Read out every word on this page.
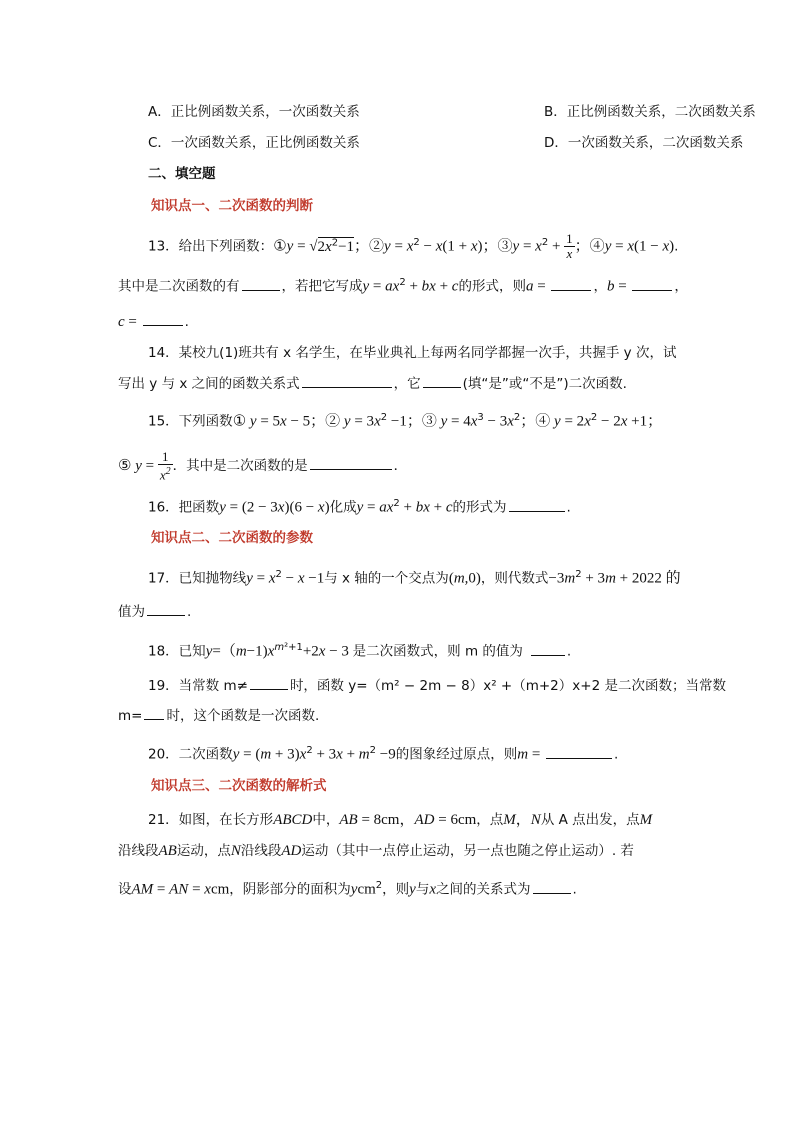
A．正比例函数关系，一次函数关系	B．正比例函数关系，二次函数关系
C．一次函数关系，正比例函数关系	D．一次函数关系，二次函数关系
二、填空题
知识点一、二次函数的判断
13．给出下列函数：①y = $√2x^2-1$；②y = $x^2 - x(1 + x)$；③y = $x^2 + \frac{1}{x}$ ；④y = x(1 − x).
其中是二次函数的有	，若把它写成$y = ax^2$ + bx + c的形式，则a =	，b =	，
c =	.
14．某校九(1)班共有 x 名学生，在毕业典礼上每两名同学都握一次手，共握手 y 次，试
写出 y 与 x 之间的函数关系式	，它	(填“是”或“不是”)二次函数.
15．下列函数① y = 5x − 5；② $y = 3x^2 -1$；③ $y = 4x^3 - 3x^2$；④ $y = 2x^2 - 2x +1$；
⑤ $y = \frac{1}{x^2}$ ．其中是二次函数的是	．
16．把函数y = (2 − 3x)(6 − x)化成$y = ax^2$ + bx + c的形式为	.
知识点二、二次函数的参数
17．已知抛物线$y = x^2 - x -1$与 x 轴的一个交点为(m,0)，则代数式$-3m^2 + 3m + 2022$ 的
值为	.
18．已知$y=(m-1)x^{m^2+1}+2x - 3$ 是二次函数式，则 m 的值为	.
19．当常数 m≠	时，函数 y=（m² − 2m − 8）x² +（m+2）x+2 是二次函数；当常数
m= 时，这个函数是一次函数.
20．二次函数$y = (m + 3)x^2 + 3x + m^2 -9$的图象经过原点，则m =	.
知识点三、二次函数的解析式
21．如图，在长方形ABCD中，AB = 8cm，AD = 6cm，点M，N从 A 点出发，点M
沿线段AB运动，点N沿线段AD运动（其中一点停止运动，另一点也随之停止运动）. 若
设AM = AN = xcm，阴影部分的面积为ycm$^2$，则y与x之间的关系式为	.
